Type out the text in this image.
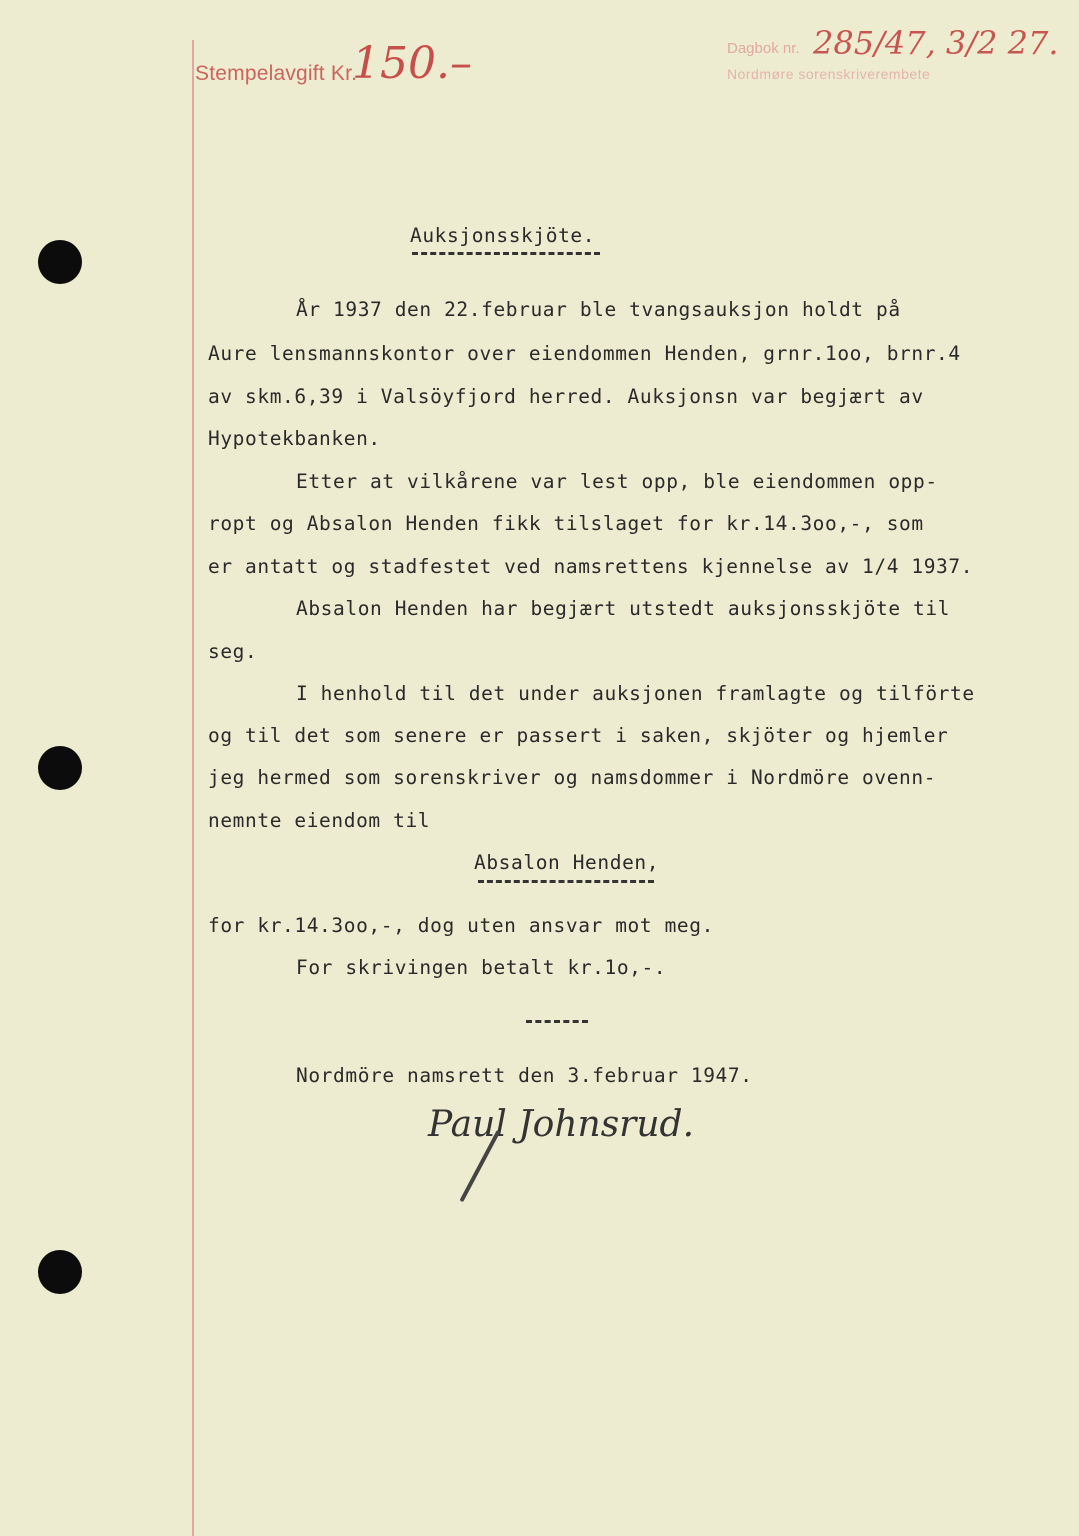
Stempelavgift Kr.
150.–	Dagbok nr. 285/47, 3/2 27.
Nordmøre sorenskriverembete
Auksjonsskjöte.
År 1937 den 22.februar ble tvangsauksjon holdt på
Aure lensmannskontor over eiendommen Henden, grnr.1oo, brnr.4
av skm.6,39 i Valsöyfjord herred. Auksjonsn var begjært av
Hypotekbanken.
Etter at vilkårene var lest opp, ble eiendommen opp-
ropt og Absalon Henden fikk tilslaget for kr.14.3oo,-, som
er antatt og stadfestet ved namsrettens kjennelse av 1/4 1937.
Absalon Henden har begjært utstedt auksjonsskjöte til
seg.
I henhold til det under auksjonen framlagte og tilförte
og til det som senere er passert i saken, skjöter og hjemler
jeg hermed som sorenskriver og namsdommer i Nordmöre ovenn-
nemnte eiendom til
Absalon Henden,
for kr.14.3oo,-, dog uten ansvar mot meg.
For skrivingen betalt kr.1o,-.
Nordmöre namsrett den 3.februar 1947.
Paul Johnsrud.
